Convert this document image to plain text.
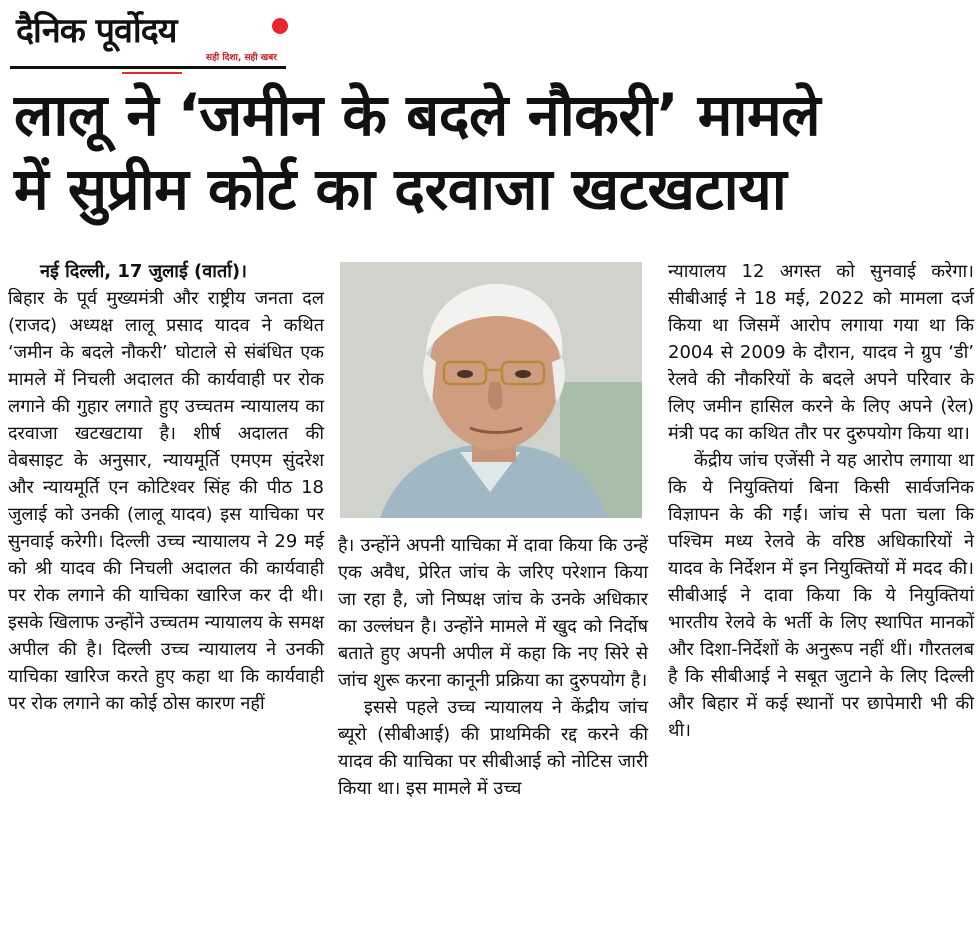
दैनिक पूर्वोदय
सही दिशा, सही खबर
लालू ने ‘जमीन के बदले नौकरी’ मामले
में सुप्रीम कोर्ट का दरवाजा खटखटाया

नई दिल्ली, 17 जुलाई (वार्ता)।
बिहार के पूर्व मुख्यमंत्री और राष्ट्रीय जनता दल (राजद) अध्यक्ष लालू प्रसाद यादव ने कथित ‘जमीन के बदले नौकरी’ घोटाले से संबंधित एक मामले में निचली अदालत की कार्यवाही पर रोक लगाने की गुहार लगाते हुए उच्चतम न्यायालय का दरवाजा खटखटाया है। शीर्ष अदालत की वेबसाइट के अनुसार, न्यायमूर्ति एमएम सुंदरेश और न्यायमूर्ति एन कोटिश्वर सिंह की पीठ 18 जुलाई को उनकी (लालू यादव) इस याचिका पर सुनवाई करेगी। दिल्ली उच्च न्यायालय ने 29 मई को श्री यादव की निचली अदालत की कार्यवाही पर रोक लगाने की याचिका खारिज कर दी थी। इसके खिलाफ उन्होंने उच्चतम न्यायालय के समक्ष अपील की है। दिल्ली उच्च न्यायालय ने उनकी याचिका खारिज करते हुए कहा था कि कार्यवाही पर रोक लगाने का कोई ठोस कारण नहीं

है। उन्होंने अपनी याचिका में दावा किया कि उन्हें एक अवैध, प्रेरित जांच के जरिए परेशान किया जा रहा है, जो निष्पक्ष जांच के उनके अधिकार का उल्लंघन है। उन्होंने मामले में खुद को निर्दोष बताते हुए अपनी अपील में कहा कि नए सिरे से जांच शुरू करना कानूनी प्रक्रिया का दुरुपयोग है।

इससे पहले उच्च न्यायालय ने केंद्रीय जांच ब्यूरो (सीबीआई) की प्राथमिकी रद्द करने की यादव की याचिका पर सीबीआई को नोटिस जारी किया था। इस मामले में उच्च

न्यायालय 12 अगस्त को सुनवाई करेगा। सीबीआई ने 18 मई, 2022 को मामला दर्ज किया था जिसमें आरोप लगाया गया था कि 2004 से 2009 के दौरान, यादव ने ग्रुप ‘डी’ रेलवे की नौकरियों के बदले अपने परिवार के लिए जमीन हासिल करने के लिए अपने (रेल) मंत्री पद का कथित तौर पर दुरुपयोग किया था।

केंद्रीय जांच एजेंसी ने यह आरोप लगाया था कि ये नियुक्तियां बिना किसी सार्वजनिक विज्ञापन के की गईं। जांच से पता चला कि पश्चिम मध्य रेलवे के वरिष्ठ अधिकारियों ने यादव के निर्देशन में इन नियुक्तियों में मदद की। सीबीआई ने दावा किया कि ये नियुक्तियां भारतीय रेलवे के भर्ती के लिए स्थापित मानकों और दिशा-निर्देशों के अनुरूप नहीं थीं। गौरतलब है कि सीबीआई ने सबूत जुटाने के लिए दिल्ली और बिहार में कई स्थानों पर छापेमारी भी की थी।
